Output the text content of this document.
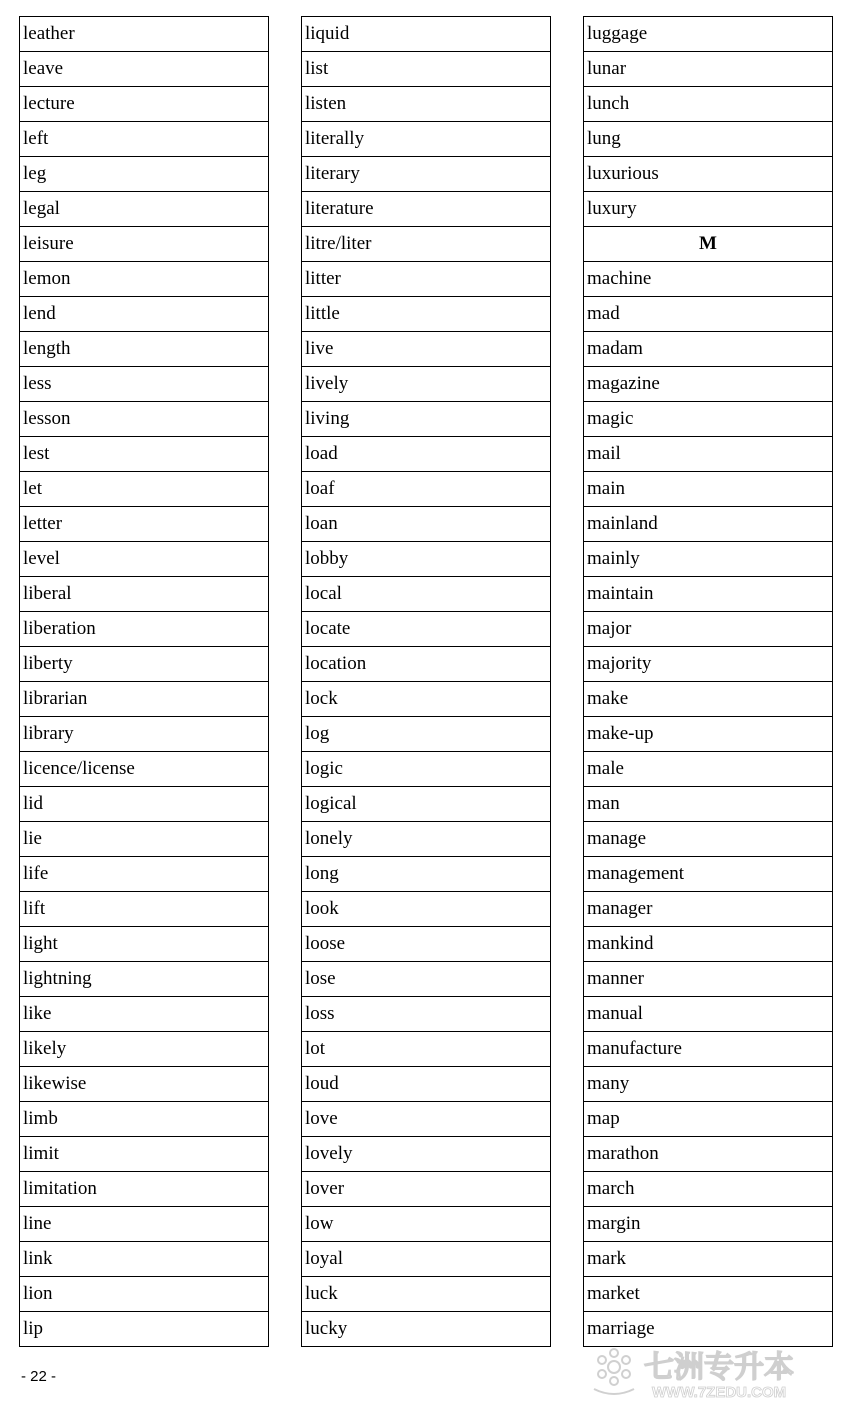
leather
leave
lecture
left
leg
legal
leisure
lemon
lend
length
less
lesson
lest
let
letter
level
liberal
liberation
liberty
librarian
library
licence/license
lid
lie
life
lift
light
lightning
like
likely
likewise
limb
limit
limitation
line
link
lion
lip
liquid
list
listen
literally
literary
literature
litre/liter
litter
little
live
lively
living
load
loaf
loan
lobby
local
locate
location
lock
log
logic
logical
lonely
long
look
loose
lose
loss
lot
loud
love
lovely
lover
low
loyal
luck
lucky
luggage
lunar
lunch
lung
luxurious
luxury
M
machine
mad
madam
magazine
magic
mail
main
mainland
mainly
maintain
major
majority
make
make-up
male
man
manage
management
manager
mankind
manner
manual
manufacture
many
map
marathon
march
margin
mark
market
marriage
- 22 -	七洲专升本
WWW.7ZEDU.COM
